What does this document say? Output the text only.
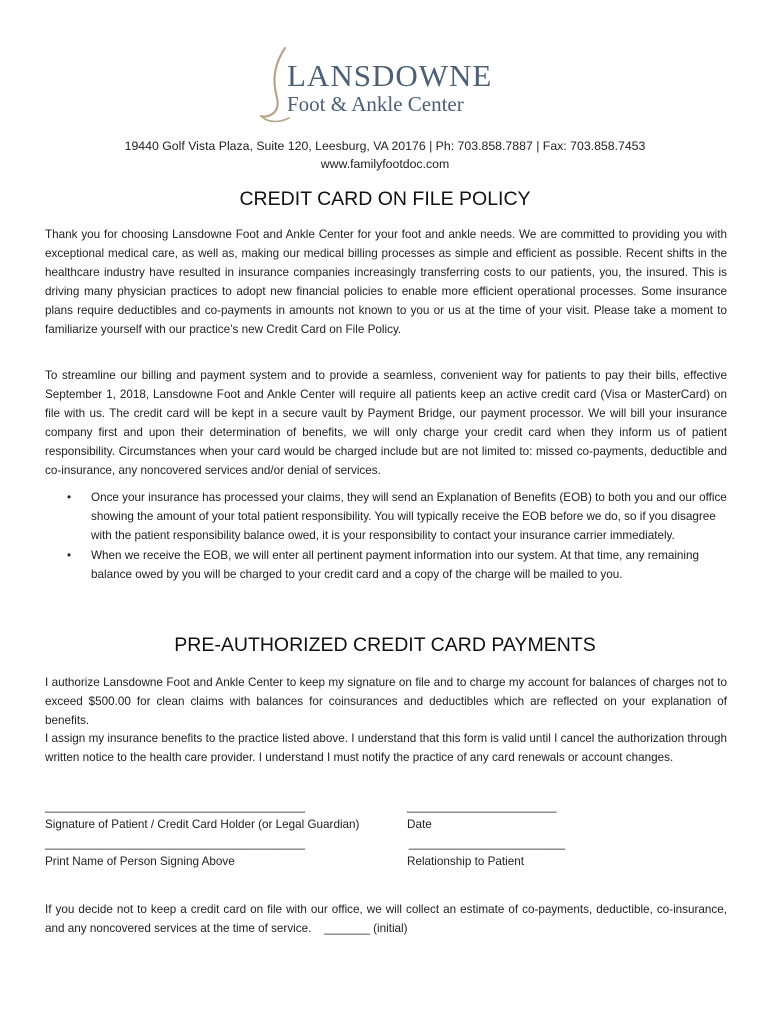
LANSDOWNE
Foot & Ankle Center
19440 Golf Vista Plaza, Suite 120, Leesburg, VA 20176 | Ph: 703.858.7887 | Fax: 703.858.7453
www.familyfootdoc.com
CREDIT CARD ON FILE POLICY
Thank you for choosing Lansdowne Foot and Ankle Center for your foot and ankle needs. We are committed to providing you with exceptional medical care, as well as, making our medical billing processes as simple and efficient as possible. Recent shifts in the healthcare industry have resulted in insurance companies increasingly transferring costs to our patients, you, the insured. This is driving many physician practices to adopt new financial policies to enable more efficient operational processes. Some insurance plans require deductibles and co-payments in amounts not known to you or us at the time of your visit. Please take a moment to familiarize yourself with our practice’s new Credit Card on File Policy.
To streamline our billing and payment system and to provide a seamless, convenient way for patients to pay their bills, effective September 1, 2018, Lansdowne Foot and Ankle Center will require all patients keep an active credit card (Visa or MasterCard) on file with us. The credit card will be kept in a secure vault by Payment Bridge, our payment processor. We will bill your insurance company first and upon their determination of benefits, we will only charge your credit card when they inform us of patient responsibility. Circumstances when your card would be charged include but are not limited to: missed co-payments, deductible and co-insurance, any noncovered services and/or denial of services.
• Once your insurance has processed your claims, they will send an Explanation of Benefits (EOB) to both you and our office showing the amount of your total patient responsibility. You will typically receive the EOB before we do, so if you disagree with the patient responsibility balance owed, it is your responsibility to contact your insurance carrier immediately.
• When we receive the EOB, we will enter all pertinent payment information into our system. At that time, any remaining balance owed by you will be charged to your credit card and a copy of the charge will be mailed to you.
PRE-AUTHORIZED CREDIT CARD PAYMENTS
I authorize Lansdowne Foot and Ankle Center to keep my signature on file and to charge my account for balances of charges not to exceed $500.00 for clean claims with balances for coinsurances and deductibles which are reflected on your explanation of benefits.
I assign my insurance benefits to the practice listed above. I understand that this form is valid until I cancel the authorization through written notice to the health care provider. I understand I must notify the practice of any card renewals or account changes.
________________________________________	_______________________
Signature of Patient / Credit Card Holder (or Legal Guardian)	Date
________________________________________	________________________
Print Name of Person Signing Above	Relationship to Patient
If you decide not to keep a credit card on file with our office, we will collect an estimate of co-payments, deductible, co-insurance, and any noncovered services at the time of service. _______ (initial)
